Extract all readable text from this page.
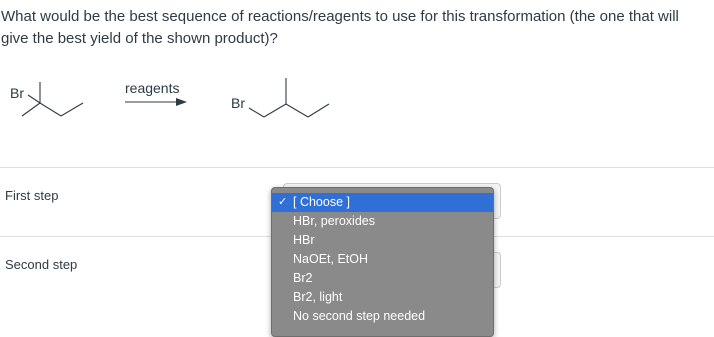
What would be the best sequence of reactions/reagents to use for this transformation (the one that will give the best yield of the shown product)?
Br	reagents
Br
First step
Second step
✓ [ Choose ]
HBr, peroxides
HBr
NaOEt, EtOH
Br2
Br2, light
No second step needed
